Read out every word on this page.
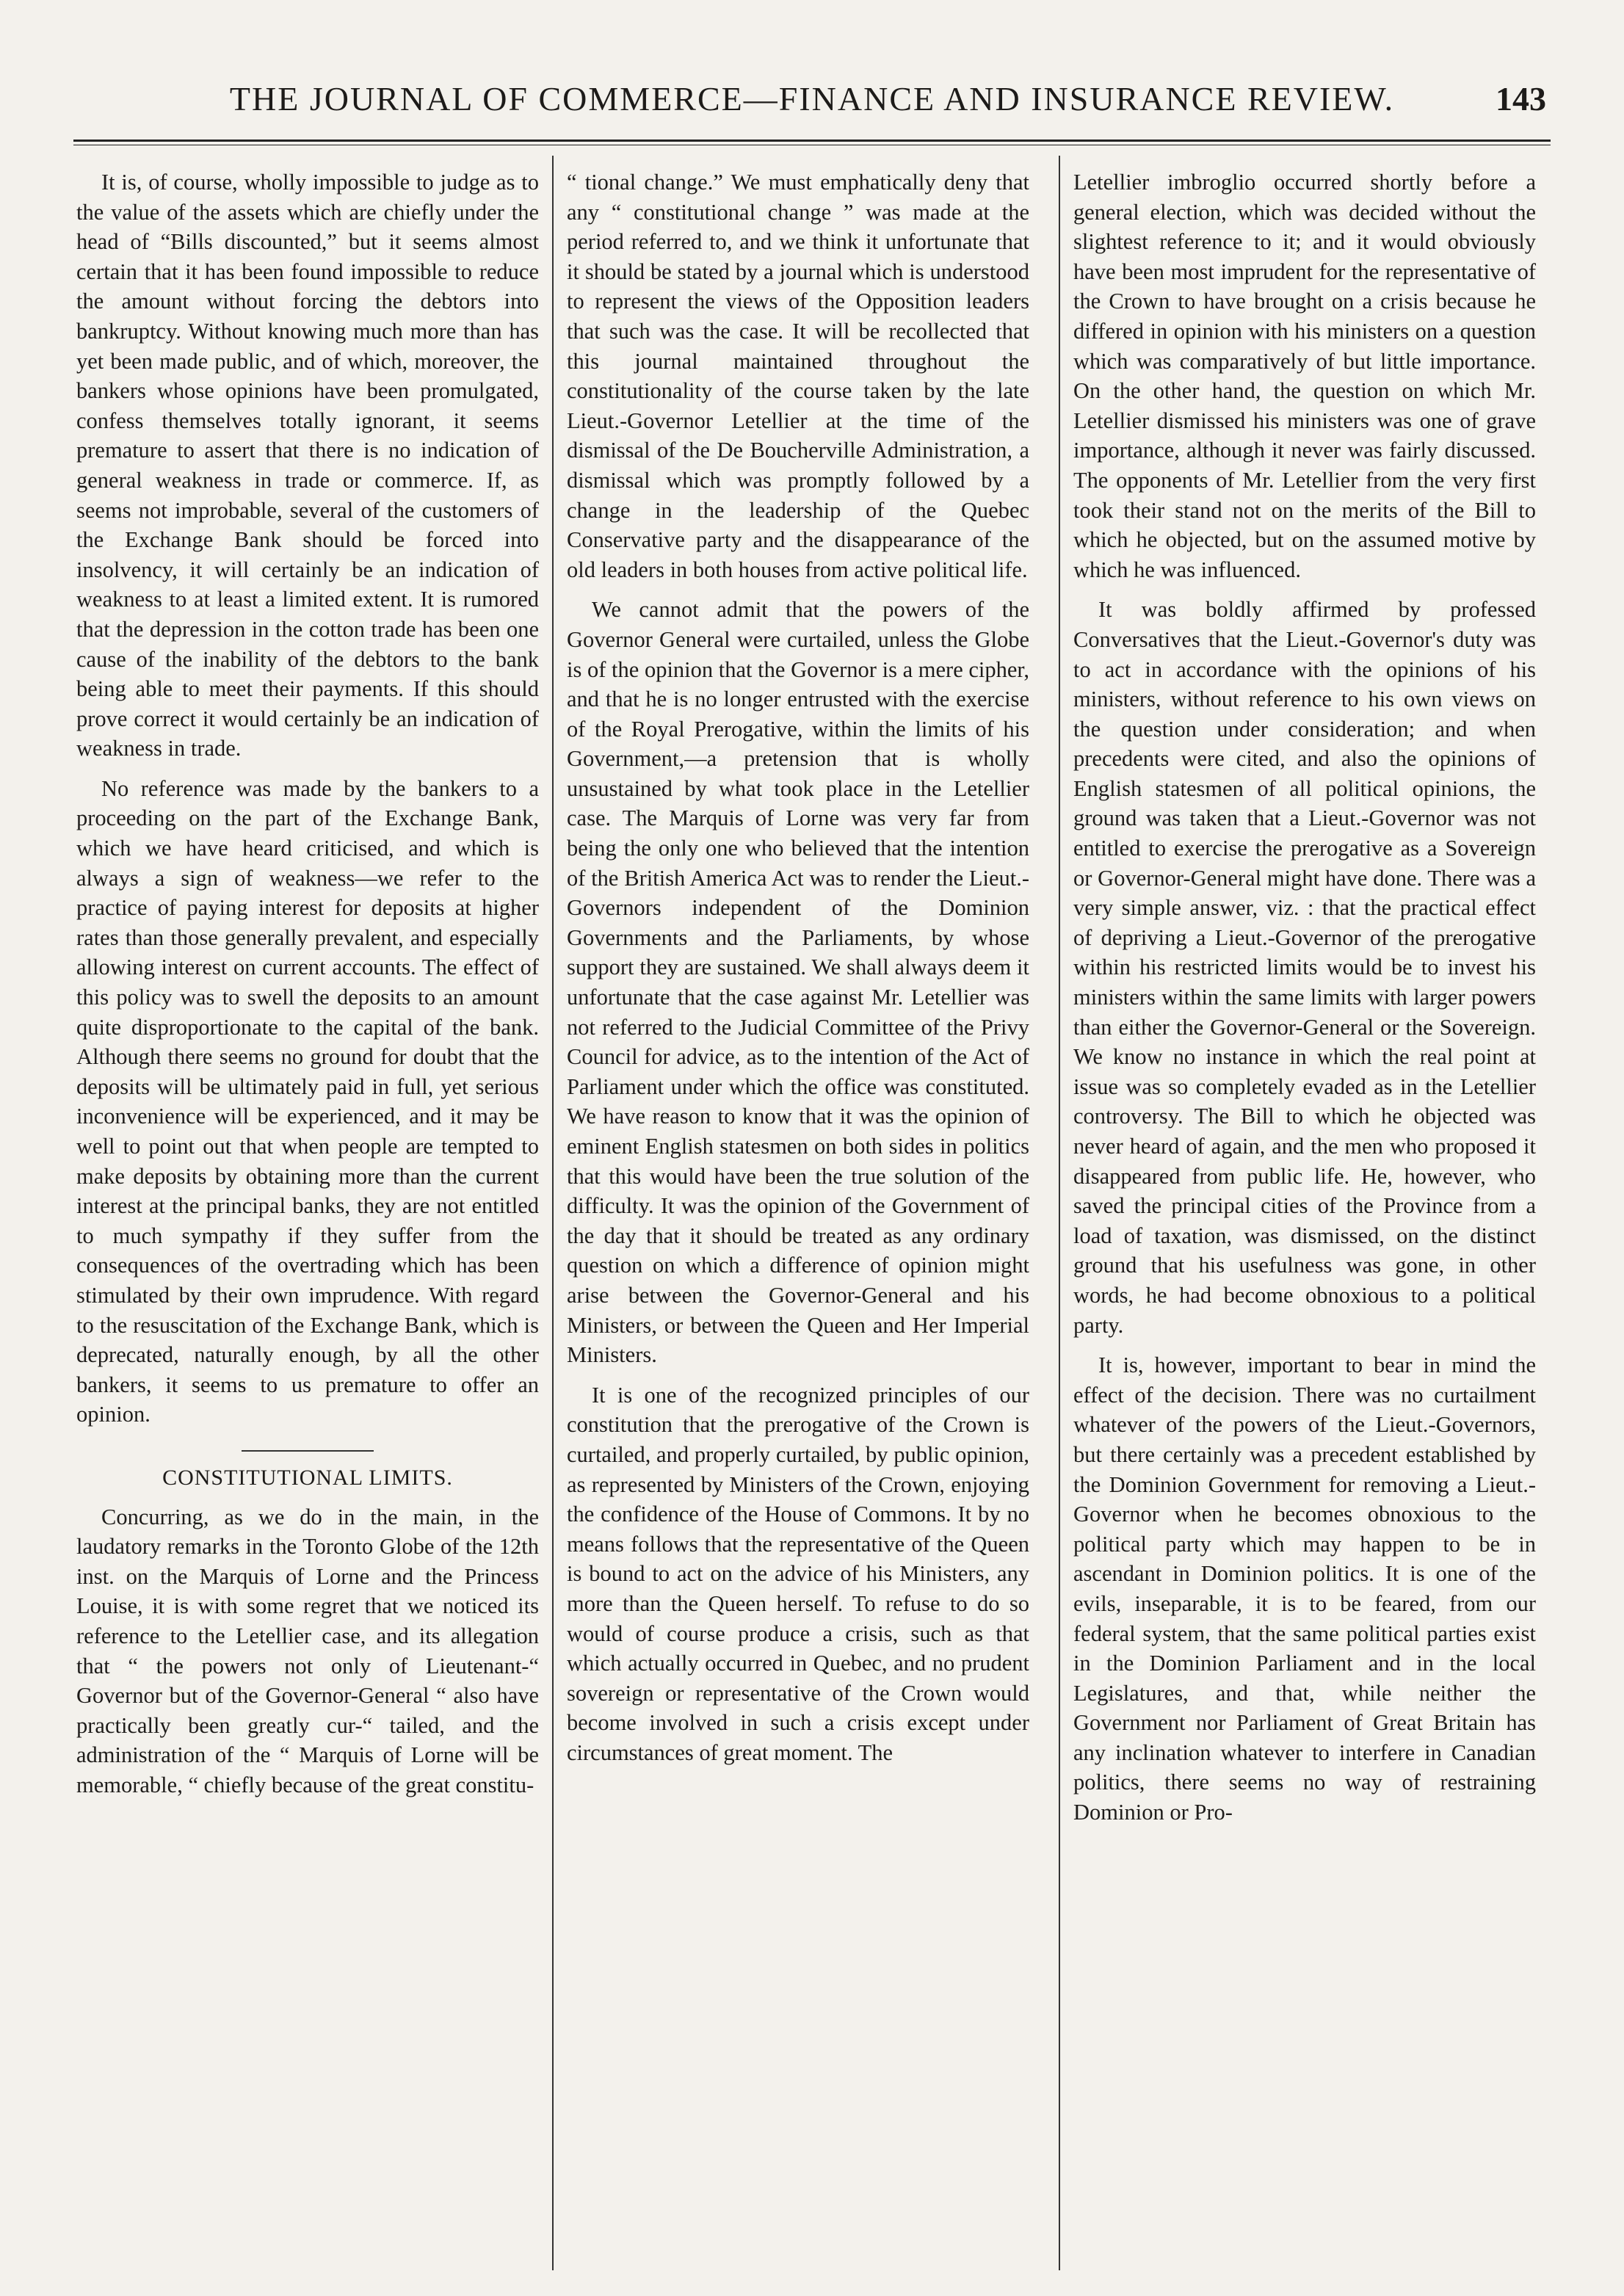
THE JOURNAL OF COMMERCE—FINANCE AND INSURANCE REVIEW.	143

It is, of course, wholly impossible to judge as to the value of the assets which are chiefly under the head of “Bills discounted,” but it seems almost certain that it has been found impossible to reduce the amount without forcing the debtors into bankruptcy. Without knowing much more than has yet been made public, and of which, moreover, the bankers whose opinions have been promulgated, confess themselves totally ignorant, it seems premature to assert that there is no indication of general weakness in trade or commerce. If, as seems not improbable, several of the customers of the Exchange Bank should be forced into insolvency, it will certainly be an indication of weakness to at least a limited extent. It is rumored that the depression in the cotton trade has been one cause of the inability of the debtors to the bank being able to meet their payments. If this should prove correct it would certainly be an indication of weakness in trade.

No reference was made by the bankers to a proceeding on the part of the Exchange Bank, which we have heard criticised, and which is always a sign of weakness—we refer to the practice of paying interest for deposits at higher rates than those generally prevalent, and especially allowing interest on current accounts. The effect of this policy was to swell the deposits to an amount quite disproportionate to the capital of the bank. Although there seems no ground for doubt that the deposits will be ultimately paid in full, yet serious inconvenience will be experienced, and it may be well to point out that when people are tempted to make deposits by obtaining more than the current interest at the principal banks, they are not entitled to much sympathy if they suffer from the consequences of the overtrading which has been stimulated by their own imprudence. With regard to the resuscitation of the Exchange Bank, which is deprecated, naturally enough, by all the other bankers, it seems to us premature to offer an opinion.

CONSTITUTIONAL LIMITS.

Concurring, as we do in the main, in the laudatory remarks in the Toronto Globe of the 12th inst. on the Marquis of Lorne and the Princess Louise, it is with some regret that we noticed its reference to the Letellier case, and its allegation that “ the powers not only of Lieutenant-“ Governor but of the Governor-General “ also have practically been greatly cur-“ tailed, and the administration of the “ Marquis of Lorne will be memorable, “ chiefly because of the great constitu-

“ tional change.” We must emphatically deny that any “ constitutional change ” was made at the period referred to, and we think it unfortunate that it should be stated by a journal which is understood to represent the views of the Opposition leaders that such was the case. It will be recollected that this journal maintained throughout the constitutionality of the course taken by the late Lieut.-Governor Letellier at the time of the dismissal of the De Boucherville Administration, a dismissal which was promptly followed by a change in the leadership of the Quebec Conservative party and the disappearance of the old leaders in both houses from active political life.

We cannot admit that the powers of the Governor General were curtailed, unless the Globe is of the opinion that the Governor is a mere cipher, and that he is no longer entrusted with the exercise of the Royal Prerogative, within the limits of his Government,—a pretension that is wholly unsustained by what took place in the Letellier case. The Marquis of Lorne was very far from being the only one who believed that the intention of the British America Act was to render the Lieut.-Governors independent of the Dominion Governments and the Parliaments, by whose support they are sustained. We shall always deem it unfortunate that the case against Mr. Letellier was not referred to the Judicial Committee of the Privy Council for advice, as to the intention of the Act of Parliament under which the office was constituted. We have reason to know that it was the opinion of eminent English statesmen on both sides in politics that this would have been the true solution of the difficulty. It was the opinion of the Government of the day that it should be treated as any ordinary question on which a difference of opinion might arise between the Governor-General and his Ministers, or between the Queen and Her Imperial Ministers.

It is one of the recognized principles of our constitution that the prerogative of the Crown is curtailed, and properly curtailed, by public opinion, as represented by Ministers of the Crown, enjoying the confidence of the House of Commons. It by no means follows that the representative of the Queen is bound to act on the advice of his Ministers, any more than the Queen herself. To refuse to do so would of course produce a crisis, such as that which actually occurred in Quebec, and no prudent sovereign or representative of the Crown would become involved in such a crisis except under circumstances of great moment. The

Letellier imbroglio occurred shortly before a general election, which was decided without the slightest reference to it; and it would obviously have been most imprudent for the representative of the Crown to have brought on a crisis because he differed in opinion with his ministers on a question which was comparatively of but little importance. On the other hand, the question on which Mr. Letellier dismissed his ministers was one of grave importance, although it never was fairly discussed. The opponents of Mr. Letellier from the very first took their stand not on the merits of the Bill to which he objected, but on the assumed motive by which he was influenced.

It was boldly affirmed by professed Conversatives that the Lieut.-Governor's duty was to act in accordance with the opinions of his ministers, without reference to his own views on the question under consideration; and when precedents were cited, and also the opinions of English statesmen of all political opinions, the ground was taken that a Lieut.-Governor was not entitled to exercise the prerogative as a Sovereign or Governor-General might have done. There was a very simple answer, viz. : that the practical effect of depriving a Lieut.-Governor of the prerogative within his restricted limits would be to invest his ministers within the same limits with larger powers than either the Governor-General or the Sovereign. We know no instance in which the real point at issue was so completely evaded as in the Letellier controversy. The Bill to which he objected was never heard of again, and the men who proposed it disappeared from public life. He, however, who saved the principal cities of the Province from a load of taxation, was dismissed, on the distinct ground that his usefulness was gone, in other words, he had become obnoxious to a political party.

It is, however, important to bear in mind the effect of the decision. There was no curtailment whatever of the powers of the Lieut.-Governors, but there certainly was a precedent established by the Dominion Government for removing a Lieut.-Governor when he becomes obnoxious to the political party which may happen to be in ascendant in Dominion politics. It is one of the evils, inseparable, it is to be feared, from our federal system, that the same political parties exist in the Dominion Parliament and in the local Legislatures, and that, while neither the Government nor Parliament of Great Britain has any inclination whatever to interfere in Canadian politics, there seems no way of restraining Dominion or Pro-
